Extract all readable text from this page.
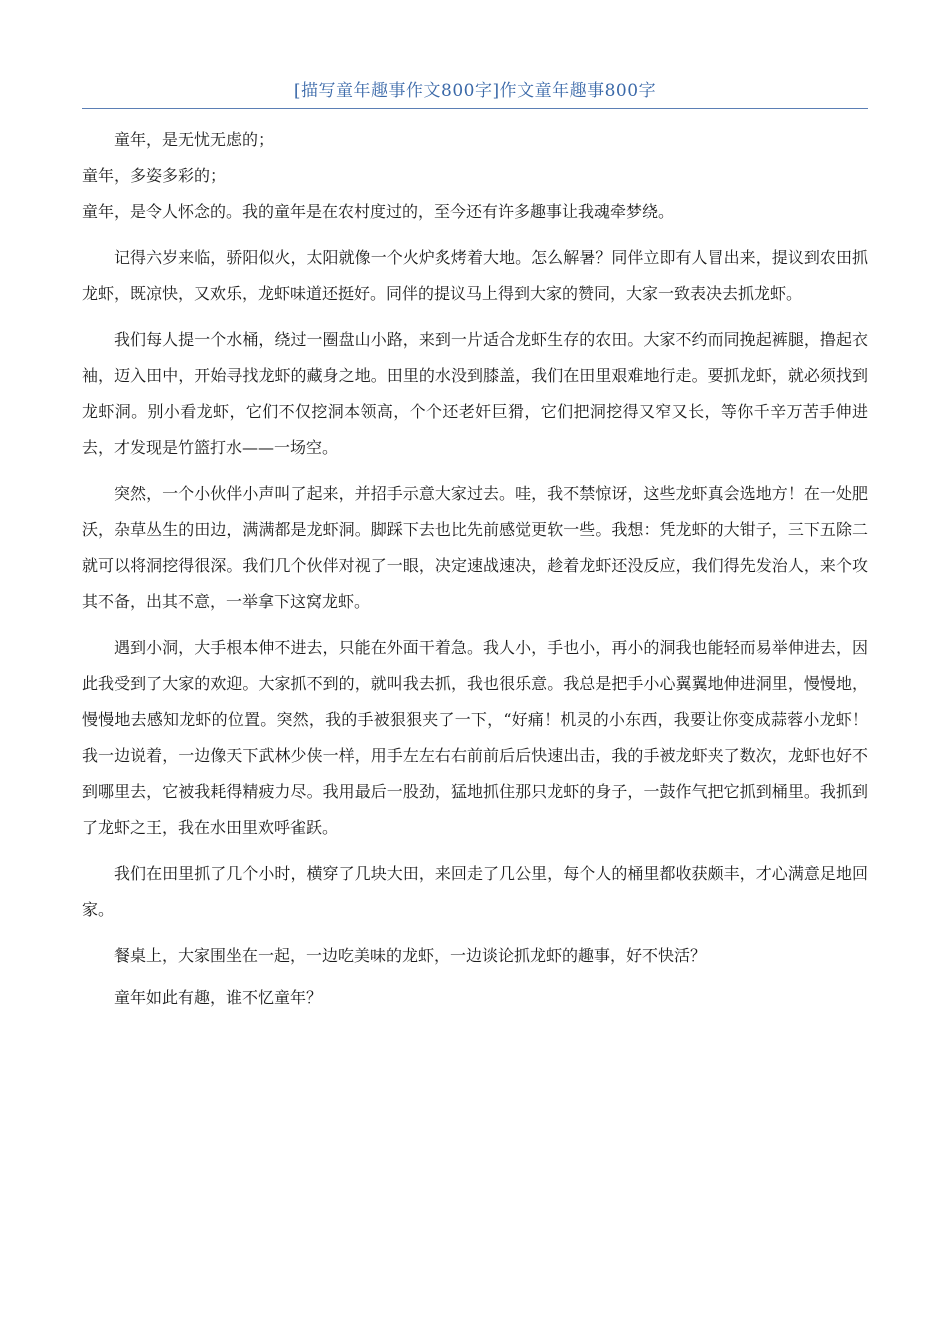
[描写童年趣事作文800字]作文童年趣事800字

童年，是无忧无虑的；

童年，多姿多彩的；

童年，是令人怀念的。我的童年是在农村度过的，至今还有许多趣事让我魂牵梦绕。

记得六岁来临，骄阳似火，太阳就像一个火炉炙烤着大地。怎么解暑？同伴立即有人冒出来，提议到农田抓龙虾，既凉快，又欢乐，龙虾味道还挺好。同伴的提议马上得到大家的赞同，大家一致表决去抓龙虾。

我们每人提一个水桶，绕过一圈盘山小路，来到一片适合龙虾生存的农田。大家不约而同挽起裤腿，撸起衣袖，迈入田中，开始寻找龙虾的藏身之地。田里的水没到膝盖，我们在田里艰难地行走。要抓龙虾，就必须找到龙虾洞。别小看龙虾，它们不仅挖洞本领高，个个还老奸巨猾，它们把洞挖得又窄又长，等你千辛万苦手伸进去，才发现是竹篮打水——一场空。

突然，一个小伙伴小声叫了起来，并招手示意大家过去。哇，我不禁惊讶，这些龙虾真会选地方！在一处肥沃，杂草丛生的田边，满满都是龙虾洞。脚踩下去也比先前感觉更软一些。我想：凭龙虾的大钳子，三下五除二就可以将洞挖得很深。我们几个伙伴对视了一眼，决定速战速决，趁着龙虾还没反应，我们得先发治人，来个攻其不备，出其不意，一举拿下这窝龙虾。

遇到小洞，大手根本伸不进去，只能在外面干着急。我人小，手也小，再小的洞我也能轻而易举伸进去，因此我受到了大家的欢迎。大家抓不到的，就叫我去抓，我也很乐意。我总是把手小心翼翼地伸进洞里，慢慢地，慢慢地去感知龙虾的位置。突然，我的手被狠狠夹了一下，“好痛！机灵的小东西，我要让你变成蒜蓉小龙虾！我一边说着，一边像天下武林少侠一样，用手左左右右前前后后快速出击，我的手被龙虾夹了数次，龙虾也好不到哪里去，它被我耗得精疲力尽。我用最后一股劲，猛地抓住那只龙虾的身子，一鼓作气把它抓到桶里。我抓到了龙虾之王，我在水田里欢呼雀跃。

我们在田里抓了几个小时，横穿了几块大田，来回走了几公里，每个人的桶里都收获颇丰，才心满意足地回家。

餐桌上，大家围坐在一起，一边吃美味的龙虾，一边谈论抓龙虾的趣事，好不快活？

童年如此有趣，谁不忆童年？
